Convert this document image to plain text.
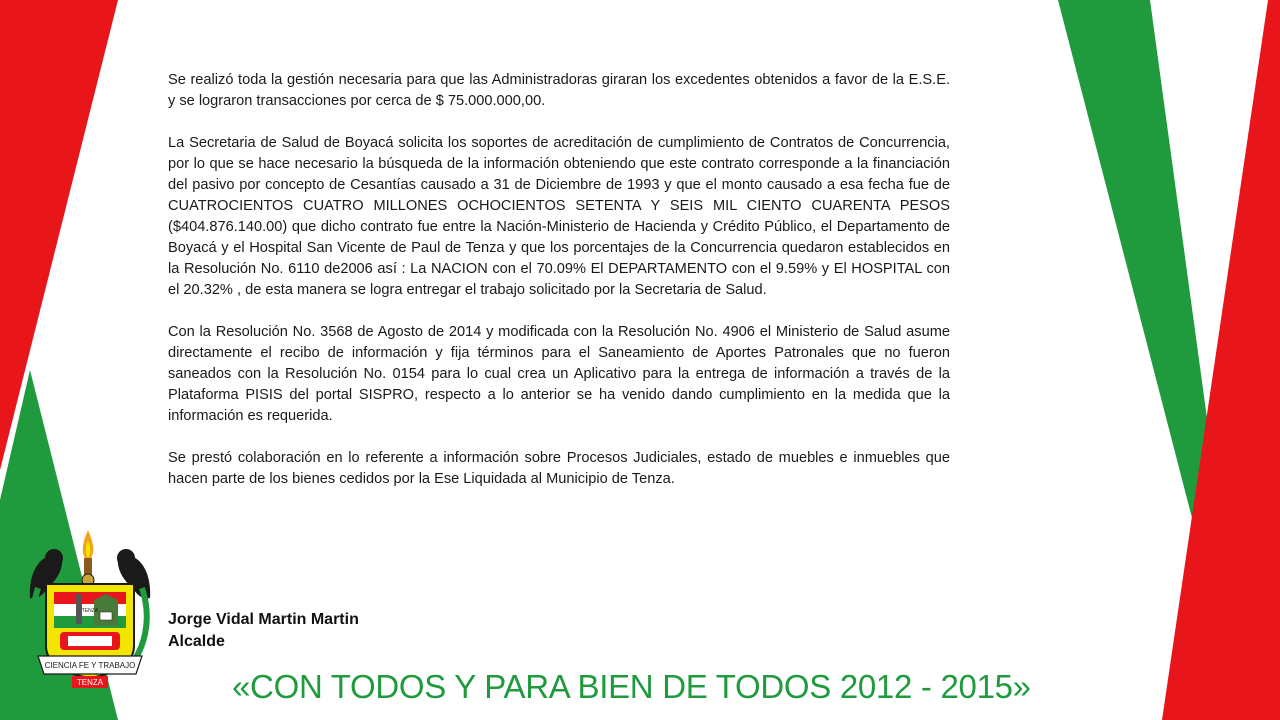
Se realizó toda la gestión necesaria para que las Administradoras giraran los excedentes obtenidos a favor de la E.S.E. y se lograron transacciones por cerca de $ 75.000.000,00.

La Secretaria de Salud de Boyacá solicita los soportes de acreditación de cumplimiento de Contratos de Concurrencia, por lo que se hace necesario la búsqueda de la información obteniendo que este contrato corresponde a la financiación del pasivo por concepto de Cesantías causado a 31 de Diciembre de 1993 y que el monto causado a esa fecha fue de CUATROCIENTOS CUATRO MILLONES OCHOCIENTOS SETENTA Y SEIS MIL CIENTO CUARENTA PESOS ($404.876.140.00) que dicho contrato fue entre la Nación-Ministerio de Hacienda y Crédito Público, el Departamento de Boyacá y el Hospital San Vicente de Paul de Tenza y que los porcentajes de la Concurrencia quedaron establecidos en la Resolución No. 6110 de2006 así : La NACION con el 70.09% El DEPARTAMENTO con el 9.59% y El HOSPITAL con el 20.32% , de esta manera se logra entregar el trabajo solicitado por la Secretaria de Salud.

Con la Resolución No. 3568 de Agosto de 2014 y modificada con la Resolución No. 4906 el Ministerio de Salud asume directamente el recibo de información y fija términos para el Saneamiento de Aportes Patronales que no fueron saneados con la Resolución No. 0154 para lo cual crea un Aplicativo para la entrega de información a través de la Plataforma PISIS del portal SISPRO, respecto a lo anterior se ha venido dando cumplimiento en la medida que la información es requerida.

Se prestó colaboración en lo referente a información sobre Procesos Judiciales, estado de muebles e inmuebles que hacen parte de los bienes cedidos por la Ese Liquidada al Municipio de Tenza.

Jorge Vidal Martin Martin
Alcalde
CIENCIA FE Y TRABAJO
TENZA
TENZA
«CON TODOS Y PARA BIEN DE TODOS 2012 - 2015»
